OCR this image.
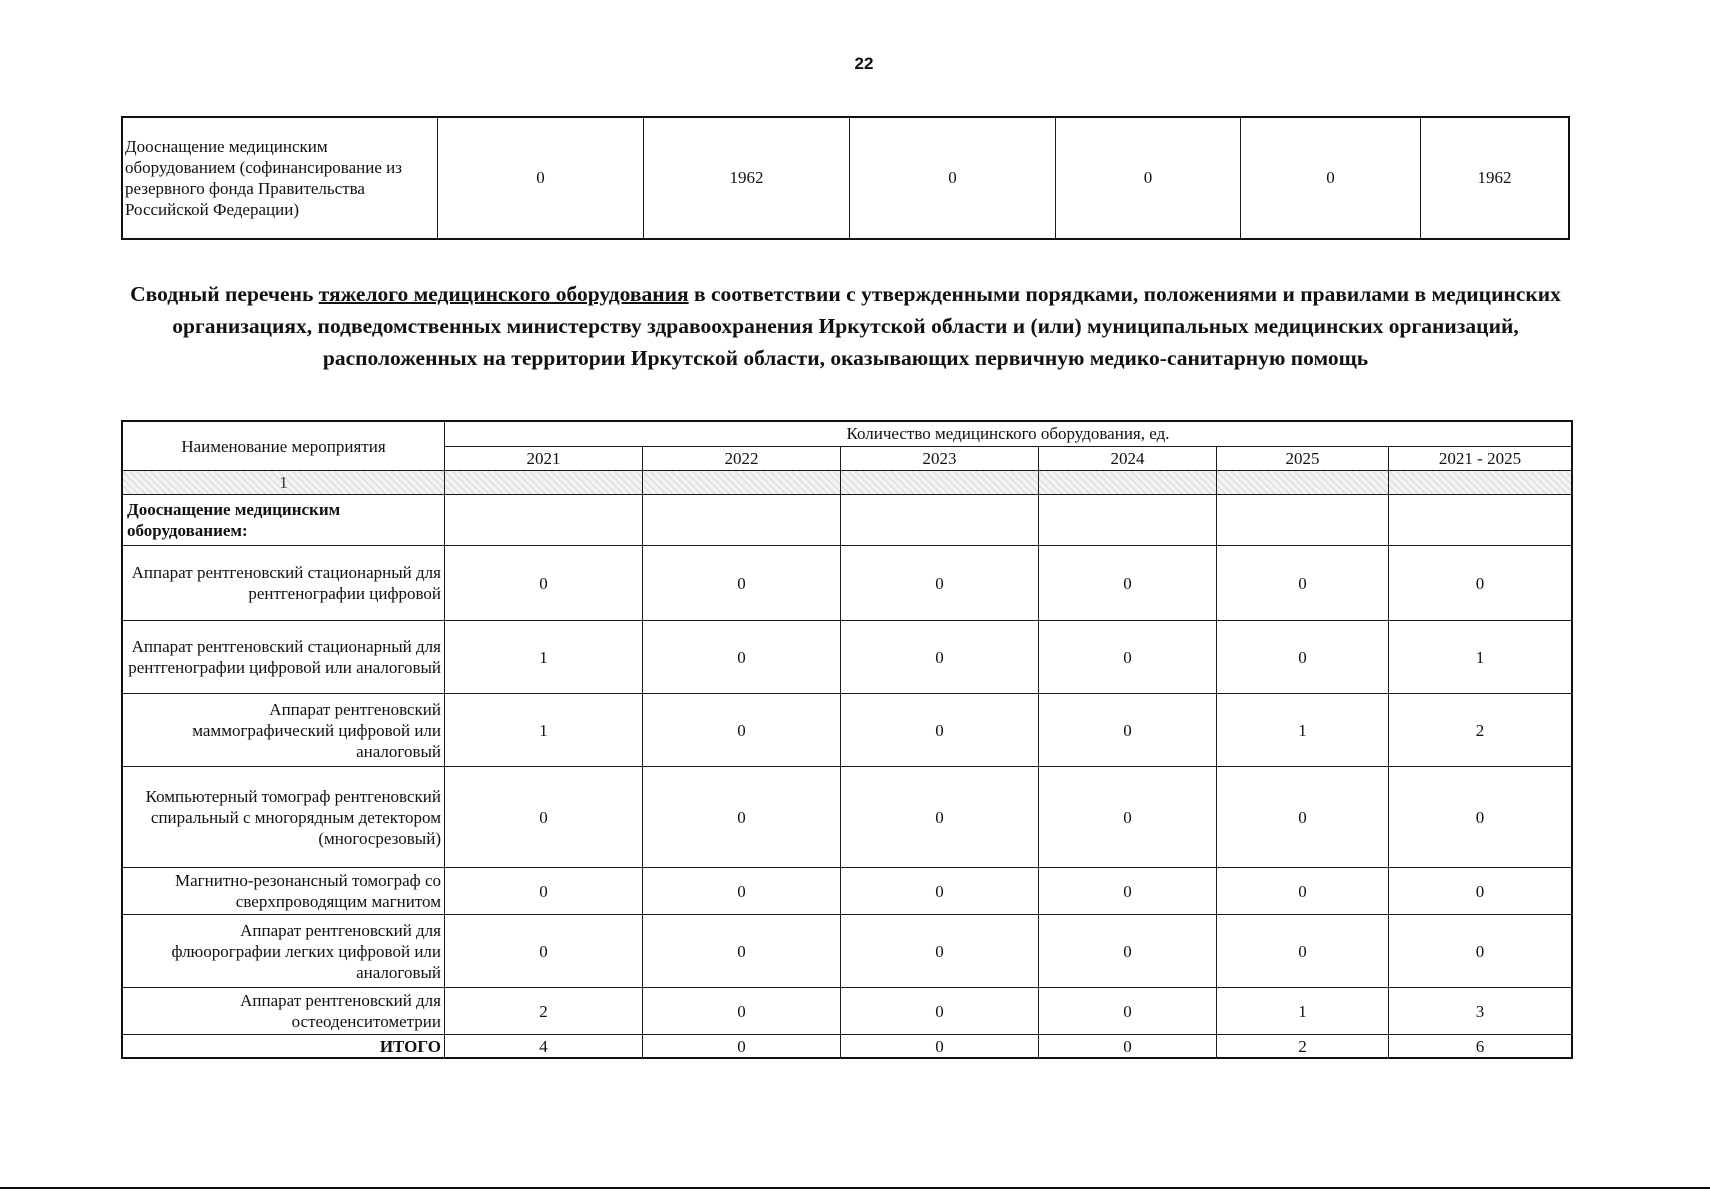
22
Дооснащение медицинским оборудованием (софинансирование из резервного фонда Правительства Российской Федерации)	0	1962	0	0	0	1962
Сводный перечень тяжелого медицинского оборудования в соответствии с утвержденными порядками, положениями и правилами в медицинских организациях, подведомственных министерству здравоохранения Иркутской области и (или) муниципальных медицинских организаций, расположенных на территории Иркутской области, оказывающих первичную медико-санитарную помощь
Наименование мероприятия	Количество медицинского оборудования, ед.					
	2021	2022	2023	2024	2025	2021 - 2025
1						
Дооснащение медицинским оборудованием:						
Аппарат рентгеновский стационарный для рентгенографии цифровой	0	0	0	0	0	0
Аппарат рентгеновский стационарный для рентгенографии цифровой или аналоговый	1	0	0	0	0	1
Аппарат рентгеновский маммографический цифровой или аналоговый	1	0	0	0	1	2
Компьютерный томограф рентгеновский спиральный с многорядным детектором (многосрезовый)	0	0	0	0	0	0
Магнитно-резонансный томограф со сверхпроводящим магнитом	0	0	0	0	0	0
Аппарат рентгеновский для флюорографии легких цифровой или аналоговый	0	0	0	0	0	0
Аппарат рентгеновский для остеоденситометрии	2	0	0	0	1	3
ИТОГО	4	0	0	0	2	6
